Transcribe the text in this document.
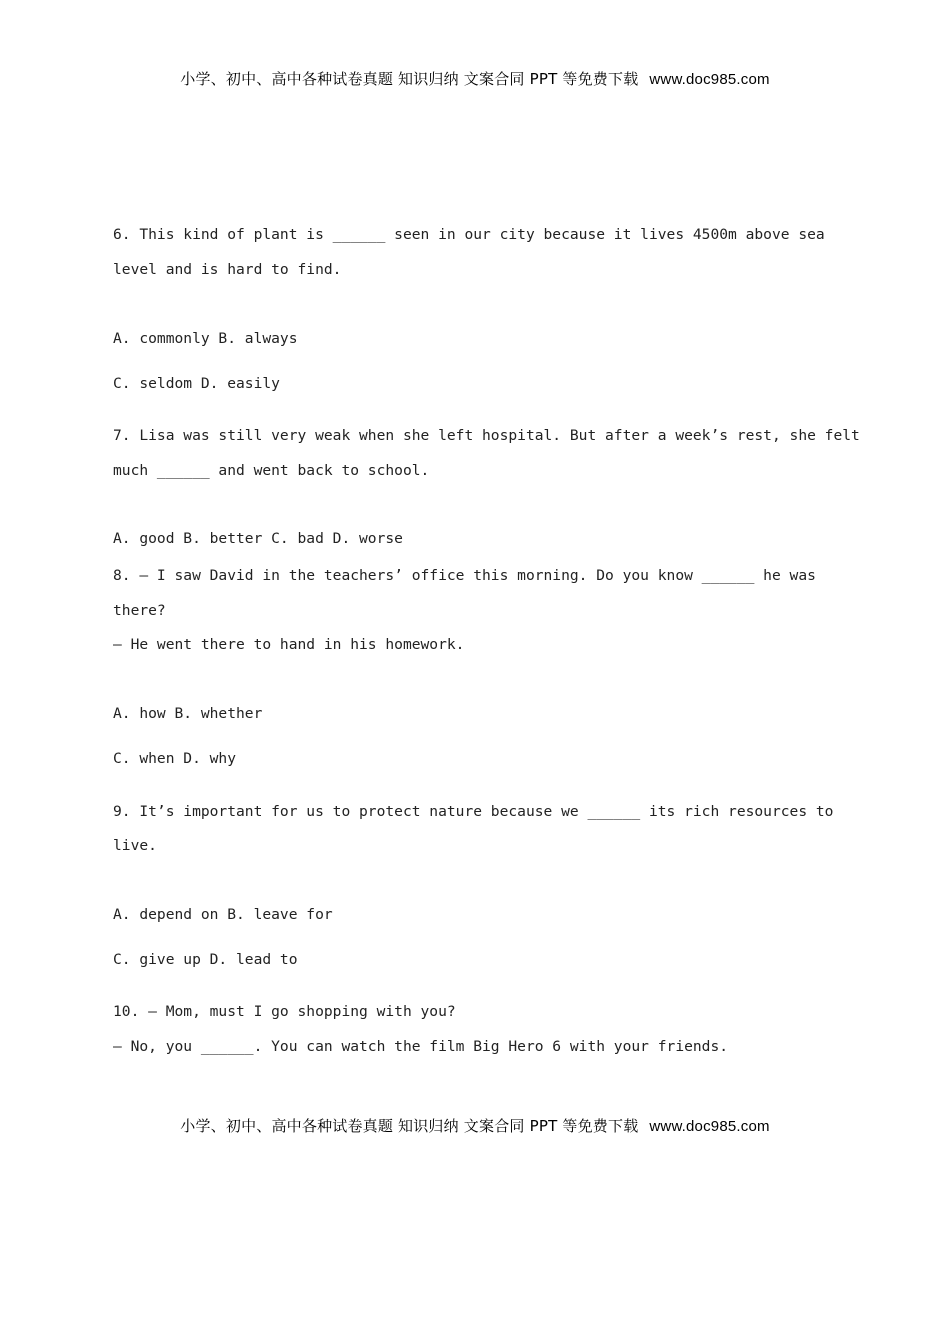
小学、初中、高中各种试卷真题 知识归纳 文案合同 PPT 等免费下载 www.doc985.com
6. This kind of plant is ______ seen in our city because it lives 4500m above sea
level and is hard to find.
A. commonly B. always
C. seldom D. easily
7. Lisa was still very weak when she left hospital. But after a week’s rest, she felt
much ______ and went back to school.
A. good B. better C. bad D. worse
8. — I saw David in the teachers’ office this morning. Do you know ______ he was
there?
— He went there to hand in his homework.
A. how B. whether
C. when D. why
9. It’s important for us to protect nature because we ______ its rich resources to
live.
A. depend on B. leave for
C. give up D. lead to
10. — Mom, must I go shopping with you?
— No, you ______. You can watch the film Big Hero 6 with your friends.
小学、初中、高中各种试卷真题 知识归纳 文案合同 PPT 等免费下载 www.doc985.com
